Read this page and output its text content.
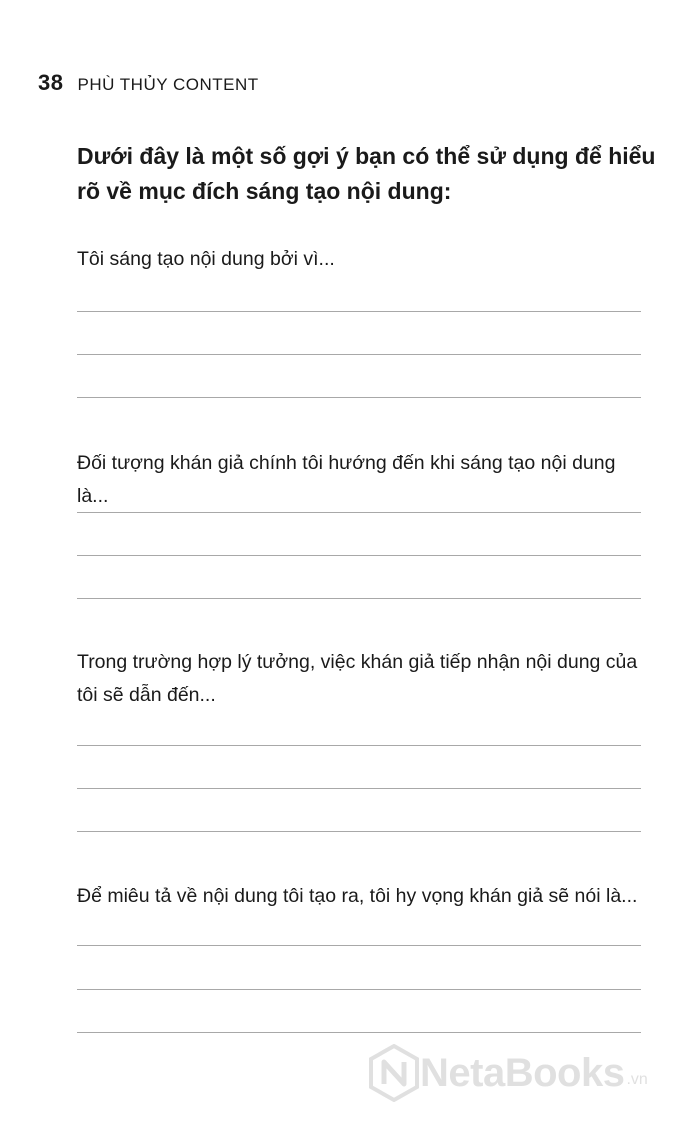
38 PHÙ THỦY CONTENT
Dưới đây là một số gợi ý bạn có thể sử dụng để hiểu rõ về mục đích sáng tạo nội dung:
Tôi sáng tạo nội dung bởi vì...
Đối tượng khán giả chính tôi hướng đến khi sáng tạo nội dung là...
Trong trường hợp lý tưởng, việc khán giả tiếp nhận nội dung của tôi sẽ dẫn đến...
Để miêu tả về nội dung tôi tạo ra, tôi hy vọng khán giả sẽ nói là...
NetaBooks .vn
